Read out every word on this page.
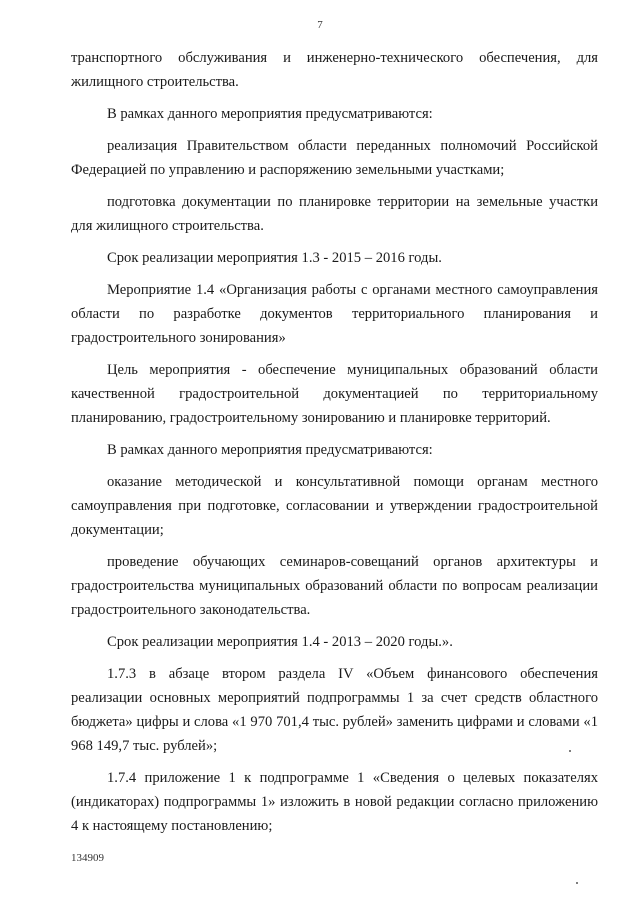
7

транспортного обслуживания и инженерно-технического обеспечения, для жилищного строительства.

В рамках данного мероприятия предусматриваются:

реализация Правительством области переданных полномочий Российской Федерацией по управлению и распоряжению земельными участками;

подготовка документации по планировке территории на земельные участки для жилищного строительства.

Срок реализации мероприятия 1.3 - 2015 – 2016 годы.

Мероприятие 1.4 «Организация работы с органами местного самоуправления области по разработке документов территориального планирования и градостроительного зонирования»

Цель мероприятия - обеспечение муниципальных образований области качественной градостроительной документацией по территориальному планированию, градостроительному зонированию и планировке территорий.

В рамках данного мероприятия предусматриваются:

оказание методической и консультативной помощи органам местного самоуправления при подготовке, согласовании и утверждении градостроительной документации;

проведение обучающих семинаров-совещаний органов архитектуры и градостроительства муниципальных образований области по вопросам реализации градостроительного законодательства.

Срок реализации мероприятия 1.4 - 2013 – 2020 годы.».

1.7.3 в абзаце втором раздела IV «Объем финансового обеспечения реализации основных мероприятий подпрограммы 1 за счет средств областного бюджета» цифры и слова «1 970 701,4 тыс. рублей» заменить цифрами и словами «1 968 149,7 тыс. рублей»;

1.7.4 приложение 1 к подпрограмме 1 «Сведения о целевых показателях (индикаторах) подпрограммы 1» изложить в новой редакции согласно приложению 4 к настоящему постановлению;

134909
